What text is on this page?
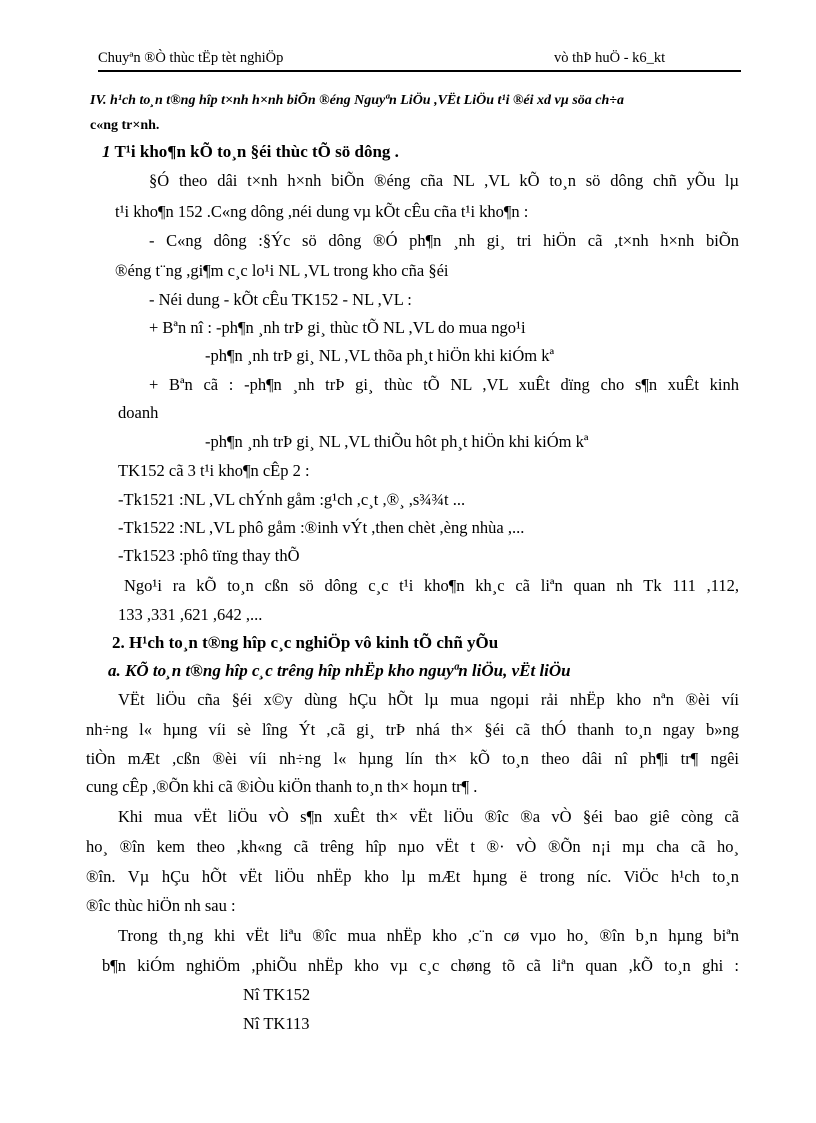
Chuyªn ®Ò thùc tËp tèt nghiÖp	vò thÞ huÖ - k6_kt
IV. h¹ch to¸n t®ng hîp t×nh h×nh biÕn ®éng Nguyªn LiÖu ,VËt LiÖu t¹i ®éi xd vµ söa ch÷a
c«ng tr×nh.
1 T¹i kho¶n kÕ to¸n §éi thùc tÕ sö dông .
§Ó theo dâi t×nh h×nh biÕn ®éng cña NL ,VL kÕ to¸n sö dông chñ yÕu lµ
t¹i kho¶n 152 .C«ng dông ,néi dung vµ kÕt cÊu cña t¹i kho¶n :
- C«ng dông :§Ýc sö dông ®Ó ph¶n ¸nh gi¸ tri hiÖn cã ,t×nh h×nh biÕn
®éng t¨ng ,gi¶m c¸c lo¹i NL ,VL trong kho cña §éi
- Néi dung - kÕt cÊu TK152 - NL ,VL :
+ Bªn nî : -ph¶n ¸nh trÞ gi¸ thùc tÕ NL ,VL do mua ngo¹i
-ph¶n ¸nh trÞ gi¸ NL ,VL thõa ph¸t hiÖn khi kiÓm kª
+ Bªn cã : -ph¶n ¸nh trÞ gi¸ thùc tÕ NL ,VL xuÊt dïng cho s¶n xuÊt kinh
doanh
-ph¶n ¸nh trÞ gi¸ NL ,VL thiÕu hôt ph¸t hiÖn khi kiÓm kª
TK152 cã 3 t¹i kho¶n cÊp 2 :
-Tk1521 :NL ,VL chÝnh gåm :g¹ch ,c¸t ,®¸ ,s¾¾t ...
-Tk1522 :NL ,VL phô gåm :®inh vÝt ,then chèt ,èng nhùa ,...
-Tk1523 :phô tïng thay thÕ
Ngo¹i ra kÕ to¸n cßn sö dông c¸c t¹i kho¶n kh¸c cã liªn quan nh Tk 111 ,112,
133 ,331 ,621 ,642 ,...
2. H¹ch to¸n t®ng hîp c¸c nghiÖp vô kinh tÕ chñ yÕu
a. KÕ to¸n t®ng hîp c¸c trêng hîp nhËp kho nguyªn liÖu, vËt liÖu
VËt liÖu cña §éi x©y dùng hÇu hÕt lµ mua ngoµi rải nhËp kho nªn ®èi víi
nh÷ng l« hµng víi sè lîng Ýt ,cã gi¸ trÞ nhá th× §éi cã thÓ thanh to¸n ngay b»ng
tiÒn mÆt ,cßn ®èi víi nh÷ng l« hµng lín th× kÕ to¸n theo dâi nî ph¶i tr¶ ngêi
cung cÊp ,®Õn khi cã ®iÒu kiÖn thanh to¸n th× hoµn tr¶ .
Khi mua vËt liÖu vÒ s¶n xuÊt th× vËt liÖu ®îc ®a vÒ §éi bao giê còng cã
ho¸ ®în kem theo ,kh«ng cã trêng hîp nµo vËt t ®· vÒ ®Õn n¡i mµ cha cã ho¸
®în. Vµ hÇu hÕt vËt liÖu nhËp kho lµ mÆt hµng ë trong níc. ViÖc h¹ch to¸n
®îc thùc hiÖn nh sau :
Trong th¸ng khi vËt liªu ®îc mua nhËp kho ,c¨n cø vµo ho¸ ®în b¸n hµng biªn
b¶n kiÓm nghiÖm ,phiÕu nhËp kho vµ c¸c chøng tõ cã liªn quan ,kÕ to¸n ghi :
Nî TK152
Nî TK113
